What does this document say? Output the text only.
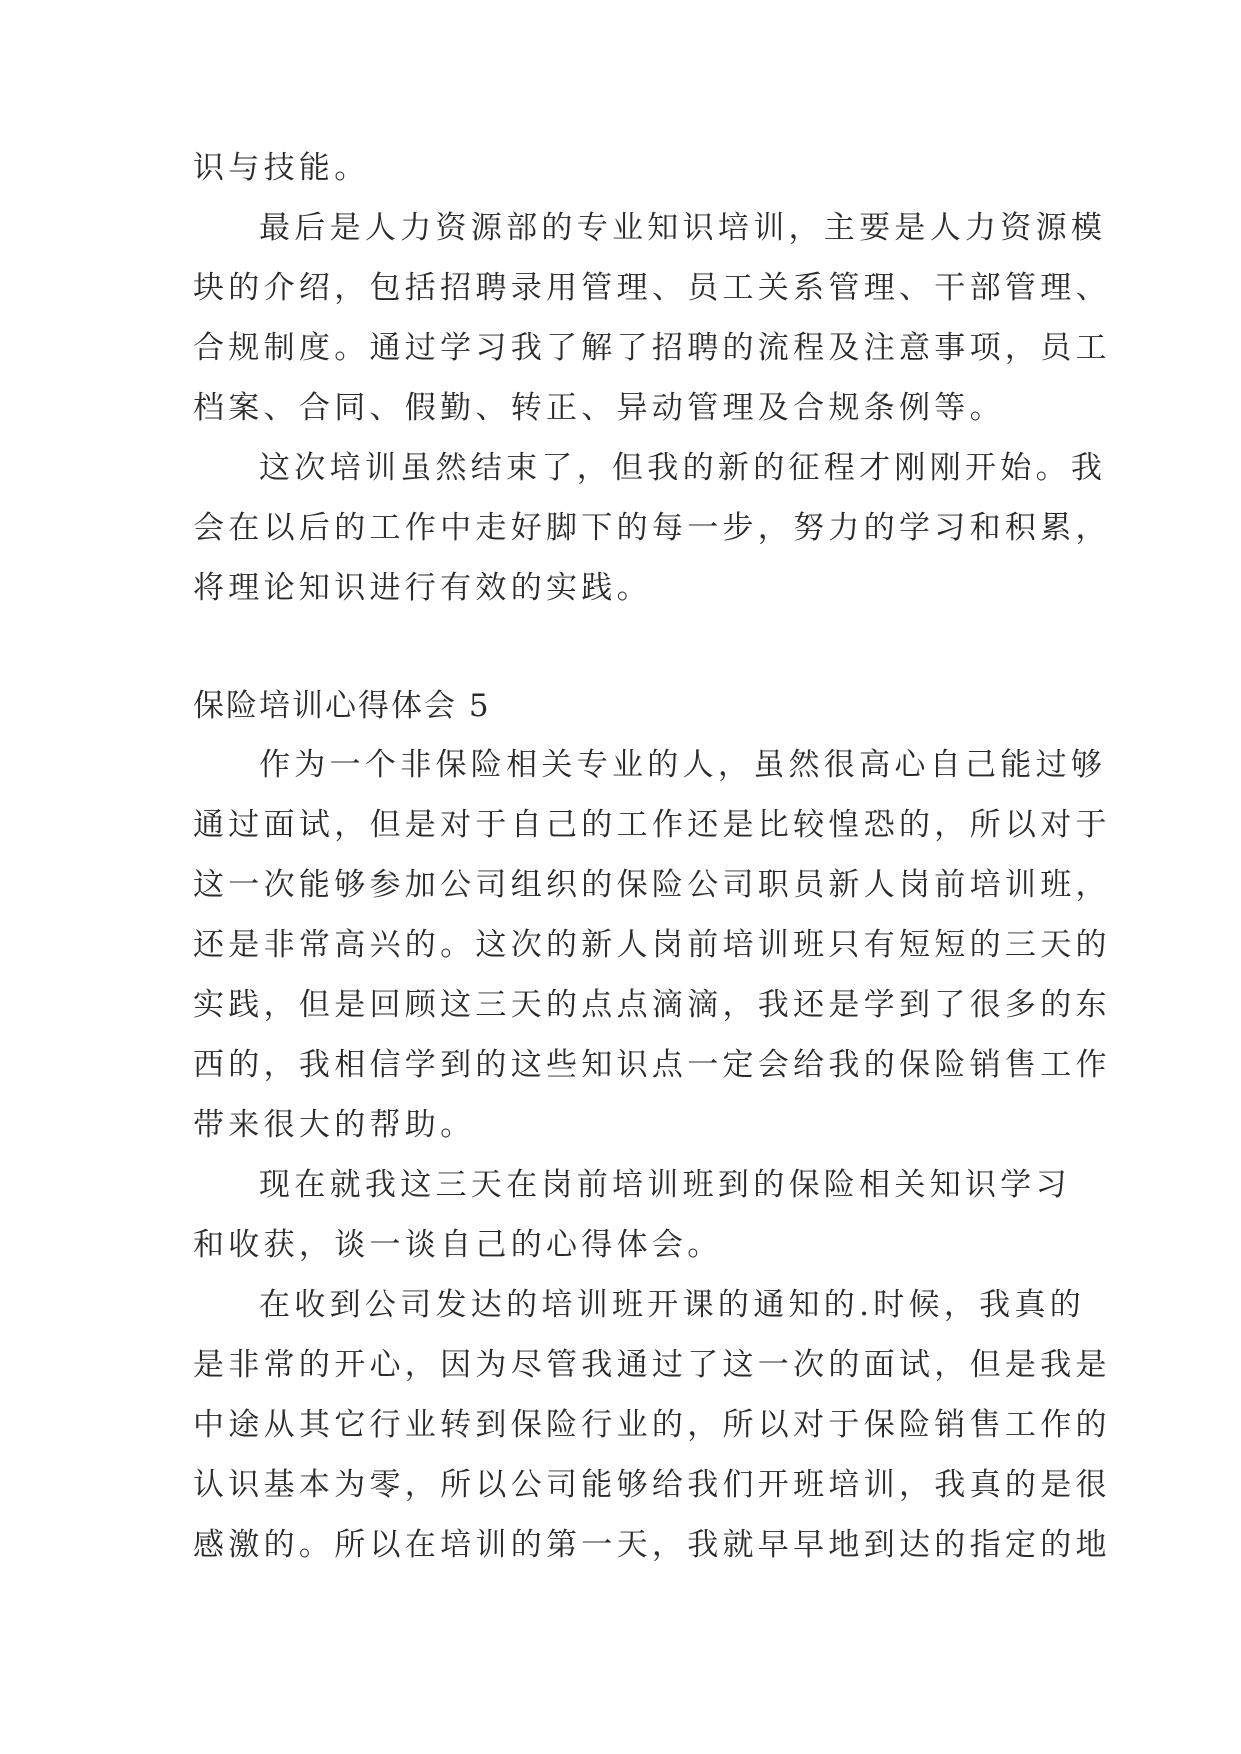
识与技能。
最后是人力资源部的专业知识培训，主要是人力资源模
块的介绍，包括招聘录用管理、员工关系管理、干部管理、
合规制度。通过学习我了解了招聘的流程及注意事项，员工
档案、合同、假勤、转正、异动管理及合规条例等。
这次培训虽然结束了，但我的新的征程才刚刚开始。我
会在以后的工作中走好脚下的每一步，努力的学习和积累，
将理论知识进行有效的实践。
保险培训心得体会 5
作为一个非保险相关专业的人，虽然很高心自己能过够
通过面试，但是对于自己的工作还是比较惶恐的，所以对于
这一次能够参加公司组织的保险公司职员新人岗前培训班，
还是非常高兴的。这次的新人岗前培训班只有短短的三天的
实践，但是回顾这三天的点点滴滴，我还是学到了很多的东
西的，我相信学到的这些知识点一定会给我的保险销售工作
带来很大的帮助。
现在就我这三天在岗前培训班到的保险相关知识学习
和收获，谈一谈自己的心得体会。
在收到公司发达的培训班开课的通知的.时候，我真的
是非常的开心，因为尽管我通过了这一次的面试，但是我是
中途从其它行业转到保险行业的，所以对于保险销售工作的
认识基本为零，所以公司能够给我们开班培训，我真的是很
感激的。所以在培训的第一天，我就早早地到达的指定的地
